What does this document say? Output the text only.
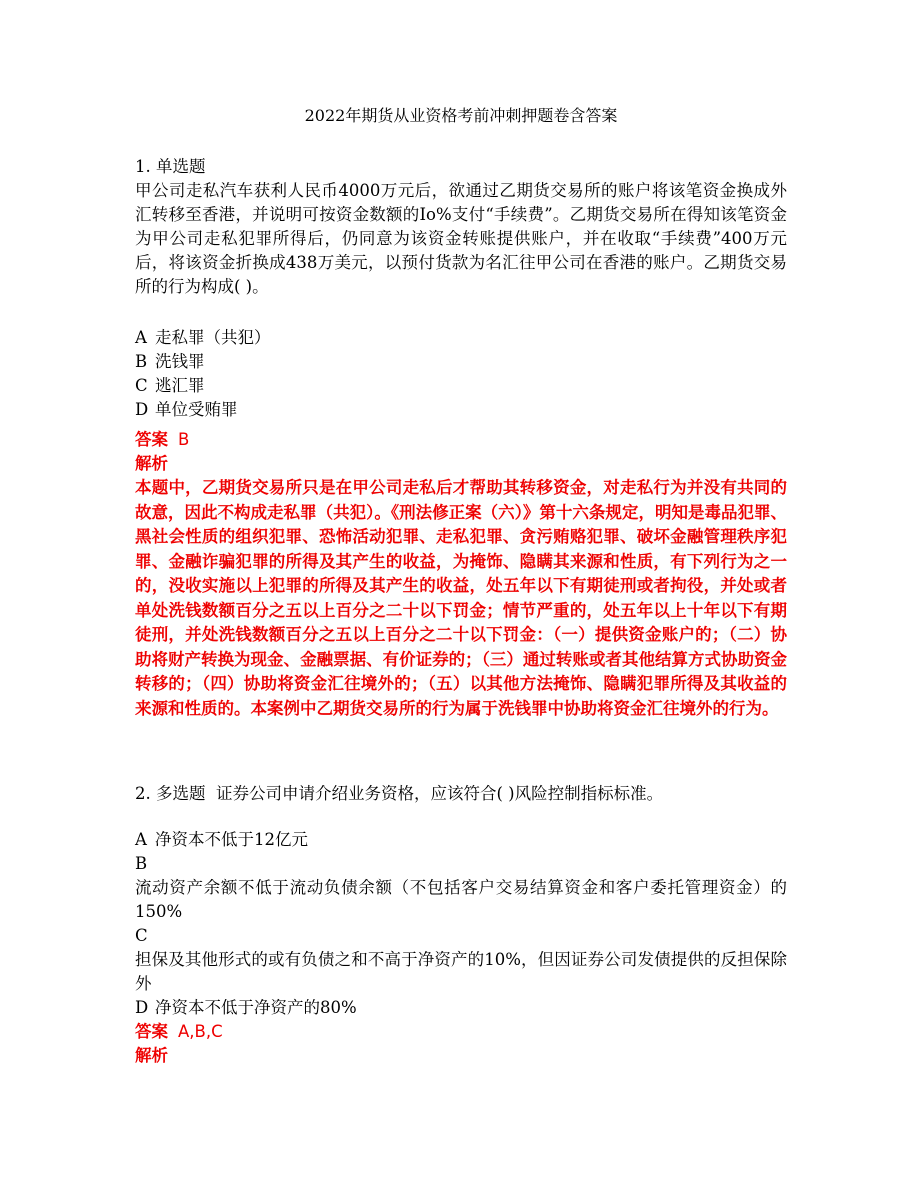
2022年期货从业资格考前冲刺押题卷含答案

1. 单选题

甲公司走私汽车获利人民币4000万元后，欲通过乙期货交易所的账户将该笔资金换成外汇转移至香港，并说明可按资金数额的Io%支付“手续费”。乙期货交易所在得知该笔资金为甲公司走私犯罪所得后，仍同意为该资金转账提供账户，并在收取“手续费”400万元后，将该资金折换成438万美元，以预付货款为名汇往甲公司在香港的账户。乙期货交易所的行为构成( )。

A 走私罪（共犯）

B 洗钱罪

C 逃汇罪

D 单位受贿罪

答案 B

解析

本题中，乙期货交易所只是在甲公司走私后才帮助其转移资金，对走私行为并没有共同的故意，因此不构成走私罪（共犯）。《刑法修正案（六）》第十六条规定，明知是毒品犯罪、黑社会性质的组织犯罪、恐怖活动犯罪、走私犯罪、贪污贿赂犯罪、破坏金融管理秩序犯罪、金融诈骗犯罪的所得及其产生的收益，为掩饰、隐瞒其来源和性质，有下列行为之一的，没收实施以上犯罪的所得及其产生的收益，处五年以下有期徒刑或者拘役，并处或者单处洗钱数额百分之五以上百分之二十以下罚金；情节严重的，处五年以上十年以下有期徒刑，并处洗钱数额百分之五以上百分之二十以下罚金：（一）提供资金账户的；（二）协助将财产转换为现金、金融票据、有价证券的；（三）通过转账或者其他结算方式协助资金转移的；（四）协助将资金汇往境外的；（五）以其他方法掩饰、隐瞒犯罪所得及其收益的来源和性质的。本案例中乙期货交易所的行为属于洗钱罪中协助将资金汇往境外的行为。

2. 多选题 证券公司申请介绍业务资格，应该符合( )风险控制指标标准。

A 净资本不低于12亿元

B

流动资产余额不低于流动负债余额（不包括客户交易结算资金和客户委托管理资金）的150%

C

担保及其他形式的或有负债之和不高于净资产的10%，但因证券公司发债提供的反担保除外

D 净资本不低于净资产的80%

答案 A,B,C

解析
